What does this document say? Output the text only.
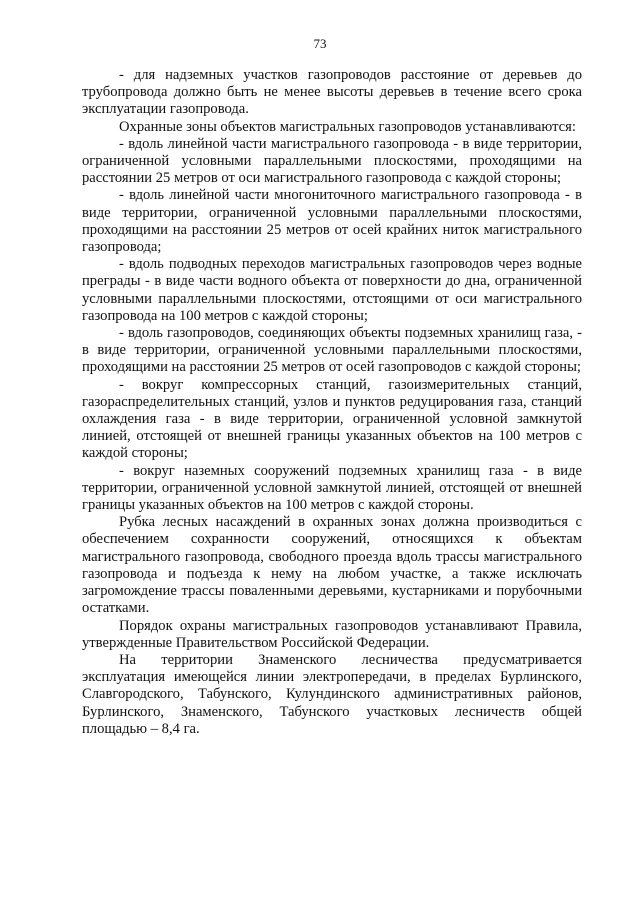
73

- для надземных участков газопроводов расстояние от деревьев до трубопровода должно быть не менее высоты деревьев в течение всего срока эксплуатации газопровода.

Охранные зоны объектов магистральных газопроводов устанавливаются:

- вдоль линейной части магистрального газопровода - в виде территории, ограниченной условными параллельными плоскостями, проходящими на расстоянии 25 метров от оси магистрального газопровода с каждой стороны;

- вдоль линейной части многониточного магистрального газопровода - в виде территории, ограниченной условными параллельными плоскостями, проходящими на расстоянии 25 метров от осей крайних ниток магистрального газопровода;

- вдоль подводных переходов магистральных газопроводов через водные преграды - в виде части водного объекта от поверхности до дна, ограниченной условными параллельными плоскостями, отстоящими от оси магистрального газопровода на 100 метров с каждой стороны;

- вдоль газопроводов, соединяющих объекты подземных хранилищ газа, - в виде территории, ограниченной условными параллельными плоскостями, проходящими на расстоянии 25 метров от осей газопроводов с каждой стороны;

- вокруг компрессорных станций, газоизмерительных станций, газораспределительных станций, узлов и пунктов редуцирования газа, станций охлаждения газа - в виде территории, ограниченной условной замкнутой линией, отстоящей от внешней границы указанных объектов на 100 метров с каждой стороны;

- вокруг наземных сооружений подземных хранилищ газа - в виде территории, ограниченной условной замкнутой линией, отстоящей от внешней границы указанных объектов на 100 метров с каждой стороны.

Рубка лесных насаждений в охранных зонах должна производиться с обеспечением сохранности сооружений, относящихся к объектам магистрального газопровода, свободного проезда вдоль трассы магистрального газопровода и подъезда к нему на любом участке, а также исключать загромождение трассы поваленными деревьями, кустарниками и порубочными остатками.

Порядок охраны магистральных газопроводов устанавливают Правила, утвержденные Правительством Российской Федерации.

На территории Знаменского лесничества предусматривается эксплуатация имеющейся линии электропередачи, в пределах Бурлинского, Славгородского, Табунского, Кулундинского административных районов, Бурлинского, Знаменского, Табунского участковых лесничеств общей площадью – 8,4 га.
